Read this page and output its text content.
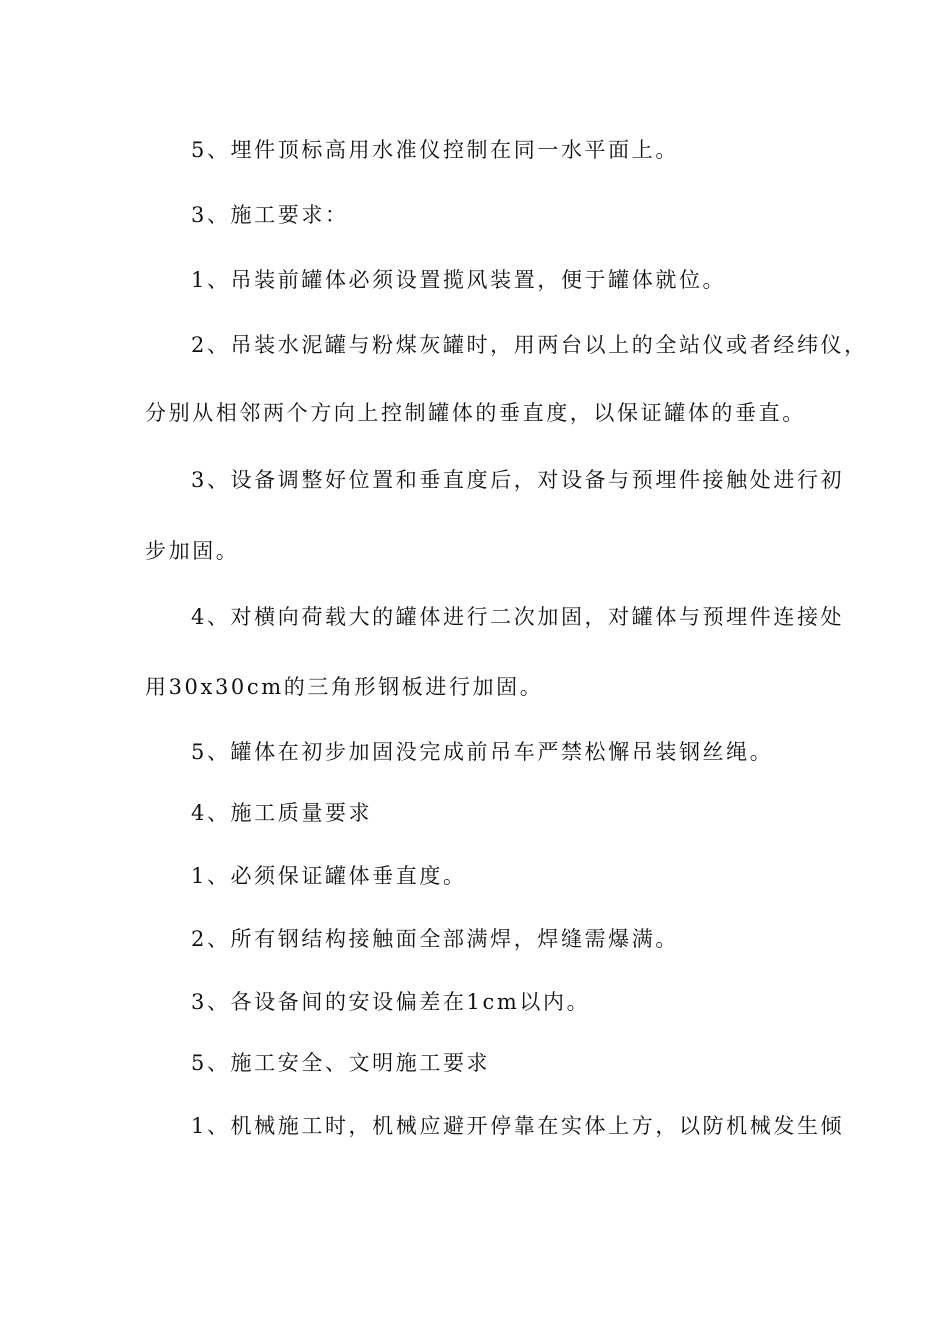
5、埋件顶标高用水准仪控制在同一水平面上。
3、施工要求：
1、吊装前罐体必须设置揽风装置，便于罐体就位。
2、吊装水泥罐与粉煤灰罐时，用两台以上的全站仪或者经纬仪，
分别从相邻两个方向上控制罐体的垂直度，以保证罐体的垂直。
3、设备调整好位置和垂直度后，对设备与预埋件接触处进行初
步加固。
4、对横向荷载大的罐体进行二次加固，对罐体与预埋件连接处
用30x30cm的三角形钢板进行加固。
5、罐体在初步加固没完成前吊车严禁松懈吊装钢丝绳。
4、施工质量要求
1、必须保证罐体垂直度。
2、所有钢结构接触面全部满焊，焊缝需爆满。
3、各设备间的安设偏差在1cm以内。
5、施工安全、文明施工要求
1、机械施工时，机械应避开停靠在实体上方，以防机械发生倾
